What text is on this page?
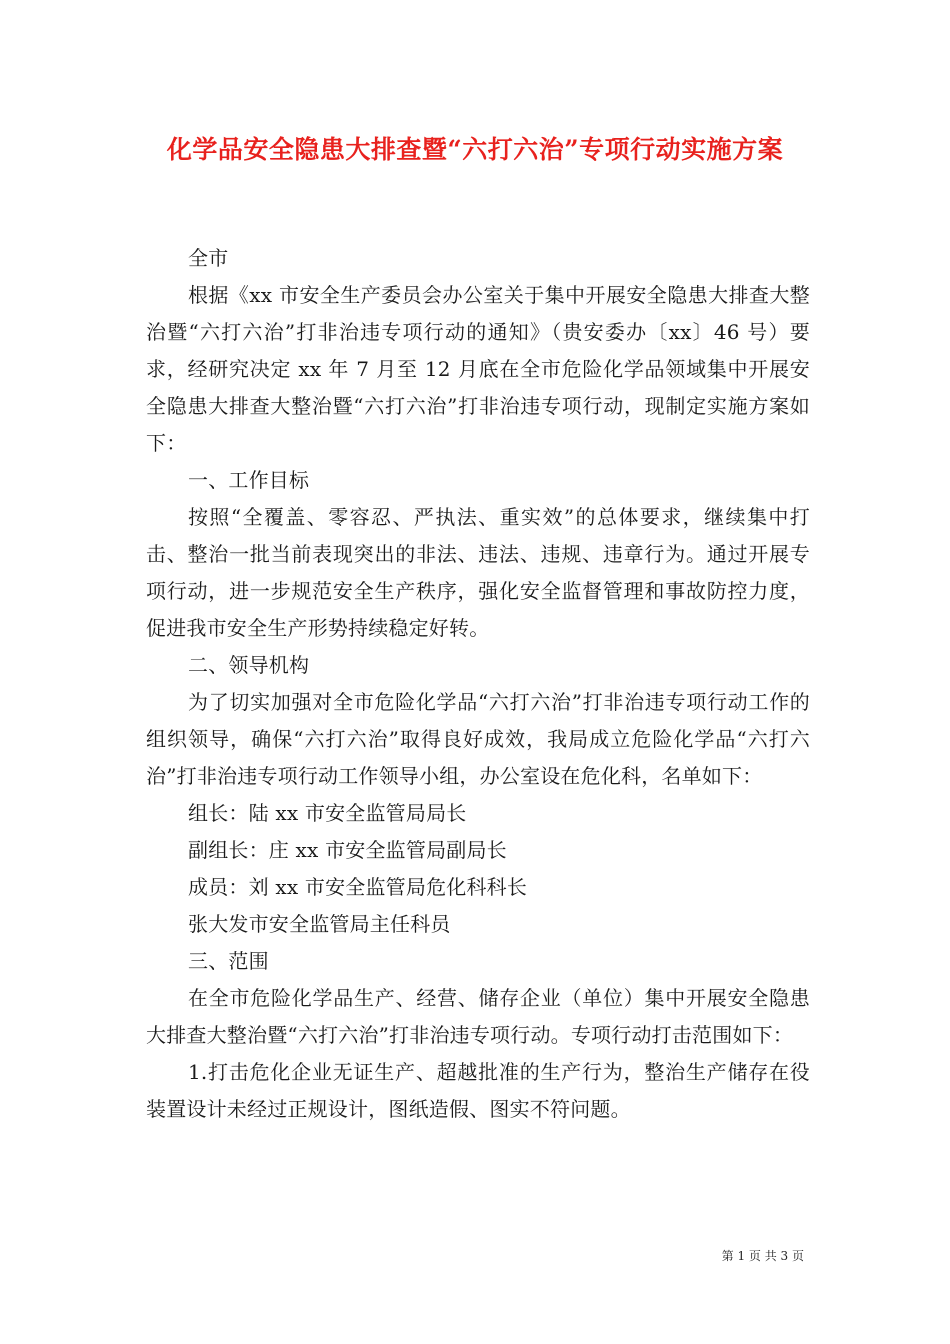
化学品安全隐患大排查暨“六打六治”专项行动实施方案

全市

根据《xx 市安全生产委员会办公室关于集中开展安全隐患大排查大整治暨“六打六治”打非治违专项行动的通知》（贵安委办〔xx〕46 号）要求，经研究决定 xx 年 7 月至 12 月底在全市危险化学品领域集中开展安全隐患大排查大整治暨“六打六治”打非治违专项行动，现制定实施方案如下：

一、工作目标

按照“全覆盖、零容忍、严执法、重实效”的总体要求，继续集中打击、整治一批当前表现突出的非法、违法、违规、违章行为。通过开展专项行动，进一步规范安全生产秩序，强化安全监督管理和事故防控力度，促进我市安全生产形势持续稳定好转。

二、领导机构

为了切实加强对全市危险化学品“六打六治”打非治违专项行动工作的组织领导，确保“六打六治”取得良好成效，我局成立危险化学品“六打六治”打非治违专项行动工作领导小组，办公室设在危化科，名单如下：

组长：陆 xx 市安全监管局局长

副组长：庄 xx 市安全监管局副局长

成员：刘 xx 市安全监管局危化科科长

张大发市安全监管局主任科员

三、范围

在全市危险化学品生产、经营、储存企业（单位）集中开展安全隐患大排查大整治暨“六打六治”打非治违专项行动。专项行动打击范围如下：

1.打击危化企业无证生产、超越批准的生产行为，整治生产储存在役装置设计未经过正规设计，图纸造假、图实不符问题。

第 1 页 共 3 页
